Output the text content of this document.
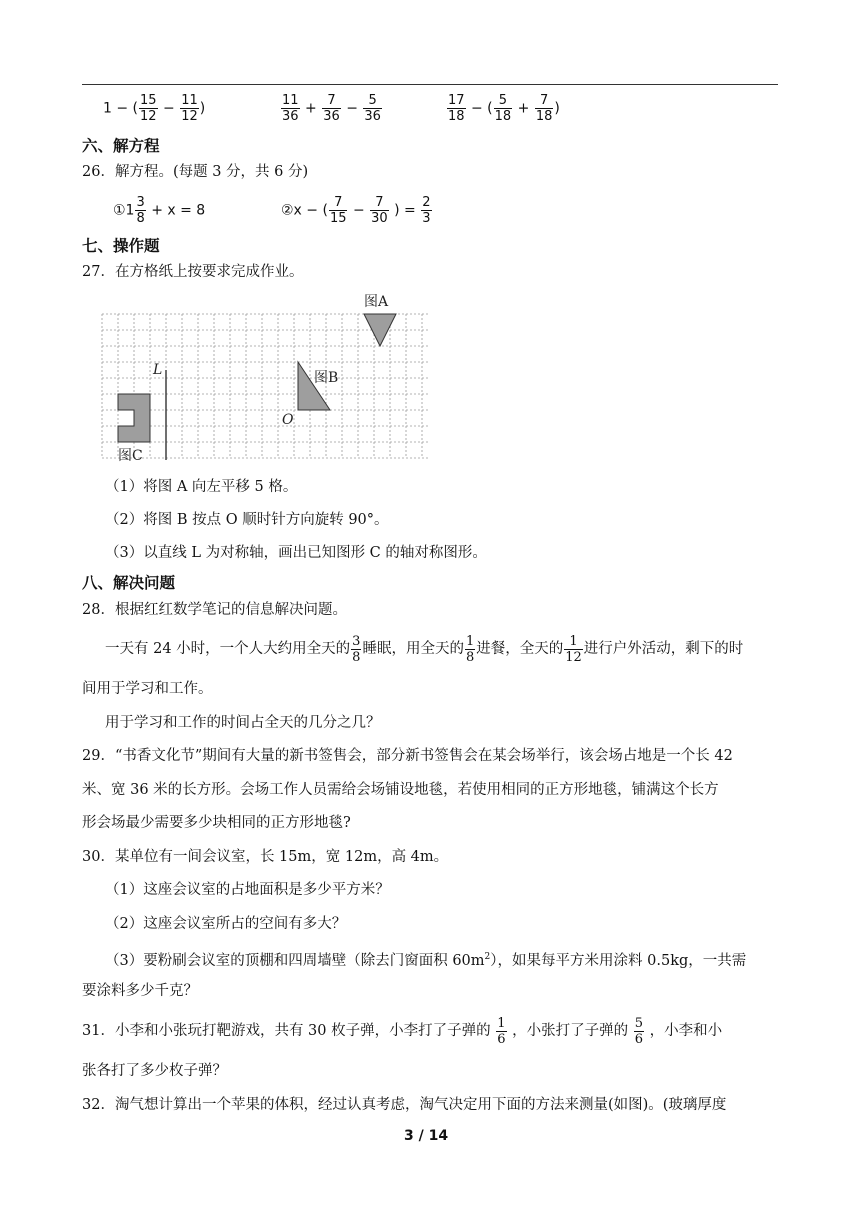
1 − ( $\frac{15}{12} - \frac{11}{12}$ )	$\frac{11}{36} + \frac{7}{36} - \frac{5}{36}$	$\frac{17}{18}$ − ( $\frac{5}{18} + \frac{7}{18}$ )
六、解方程
26．解方程。(每题 3 分，共 6 分)
①1 $\frac{3}{8} + x = 8$	②x − ( $\frac{7}{15} - \frac{7}{30}$ ) = $\frac{2}{3}$
七、操作题
27．在方格纸上按要求完成作业。
图A
图B
O
L
图C
（1）将图 A 向左平移 5 格。
（2）将图 B 按点 O 顺时针方向旋转 90°。
（3）以直线 L 为对称轴，画出已知图形 C 的轴对称图形。
八、解决问题
28．根据红红数学笔记的信息解决问题。
一天有 24 小时，一个人大约用全天的 $\frac{3}{8}$ 睡眠，用全天的 $\frac{1}{8}$ 进餐，全天的 $\frac{1}{12}$ 进行户外活动，剩下的时
间用于学习和工作。
用于学习和工作的时间占全天的几分之几？
29．“书香文化节”期间有大量的新书签售会，部分新书签售会在某会场举行，该会场占地是一个长 42
米、宽 36 米的长方形。会场工作人员需给会场铺设地毯，若使用相同的正方形地毯，铺满这个长方
形会场最少需要多少块相同的正方形地毯?
30．某单位有一间会议室，长 15m，宽 12m，高 4m。
（1）这座会议室的占地面积是多少平方米？
（2）这座会议室所占的空间有多大？
（3）要粉刷会议室的顶棚和四周墙壁（除去门窗面积 $60m^2$），如果每平方米用涂料 0.5kg，一共需
要涂料多少千克？
31．小李和小张玩打靶游戏，共有 30 枚子弹，小李打了子弹的 $\frac{1}{6}$ ，小张打了子弹的 $\frac{5}{6}$ ，小李和小
张各打了多少枚子弹？
32．淘气想计算出一个苹果的体积，经过认真考虑，淘气决定用下面的方法来测量(如图)。(玻璃厚度
3 / 14
